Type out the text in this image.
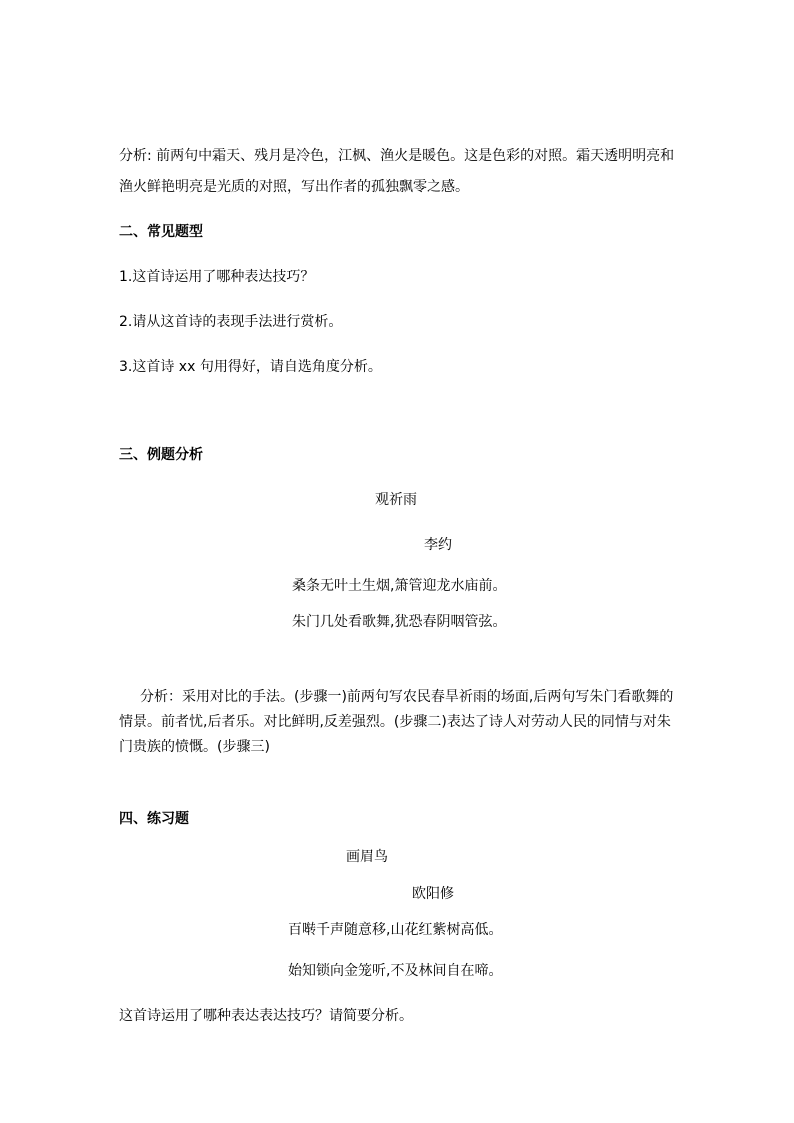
分析: 前两句中霜天、残月是冷色，江枫、渔火是暖色。这是色彩的对照。霜天透明明亮和
渔火鲜艳明亮是光质的对照，写出作者的孤独飘零之感。
二、常见题型
1.这首诗运用了哪种表达技巧？
2.请从这首诗的表现手法进行赏析。
3.这首诗 xx 句用得好，请自选角度分析。
三、例题分析
观祈雨
李约
桑条无叶土生烟,箫管迎龙水庙前。
朱门几处看歌舞,犹恐春阴咽管弦。
分析：采用对比的手法。(步骤一)前两句写农民春旱祈雨的场面,后两句写朱门看歌舞的
情景。前者忧,后者乐。对比鲜明,反差强烈。(步骤二)表达了诗人对劳动人民的同情与对朱
门贵族的愤慨。(步骤三)
四、练习题
画眉鸟
欧阳修
百啭千声随意移,山花红紫树高低。
始知锁向金笼听,不及林间自在啼。
这首诗运用了哪种表达表达技巧？请简要分析。
